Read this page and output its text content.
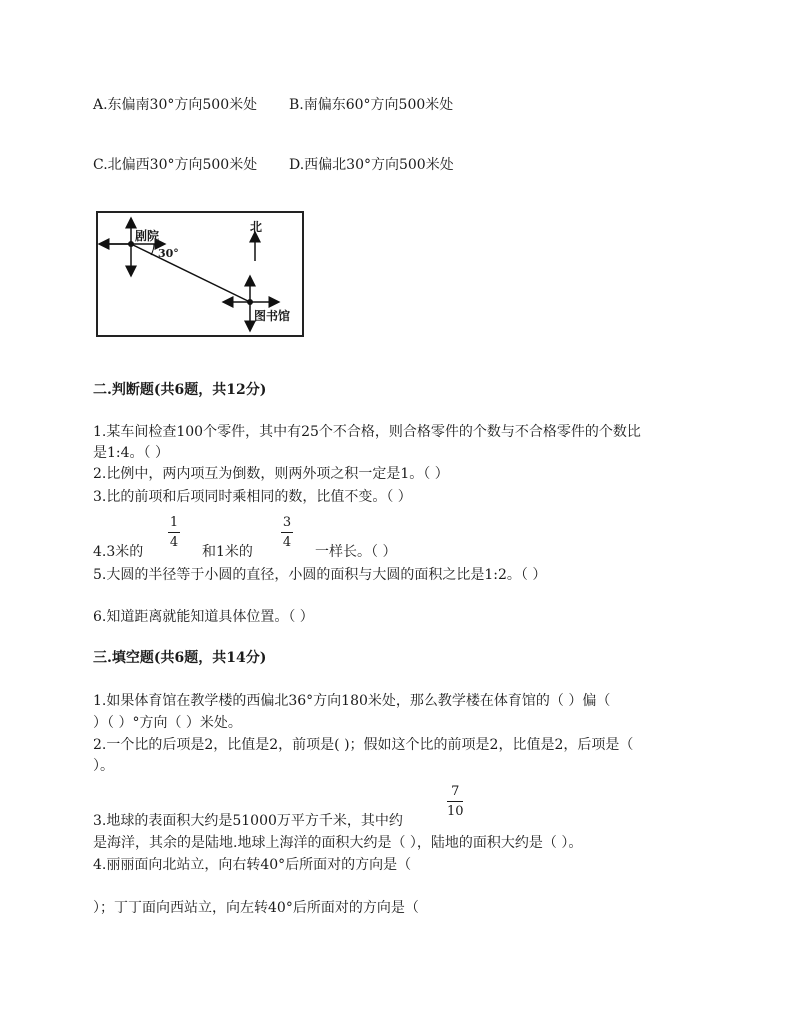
A.东偏南30°方向500米处 B.南偏东60°方向500米处
C.北偏西30°方向500米处 D.西偏北30°方向500米处
剧院
30°
北
图书馆
二.判断题(共6题，共12分)
1.某车间检查100个零件，其中有25个不合格，则合格零件的个数与不合格零件的个数比
是1:4。（ ）
2.比例中，两内项互为倒数，则两外项之积一定是1。（ ）
3.比的前项和后项同时乘相同的数，比值不变。（ ）
4.3米的
1
4
和1米的
3
4
一样长。（ ）
5.大圆的半径等于小圆的直径，小圆的面积与大圆的面积之比是1:2。（ ）
6.知道距离就能知道具体位置。（ ）
三.填空题(共6题，共14分)
1.如果体育馆在教学楼的西偏北36°方向180米处，那么教学楼在体育馆的（ ）偏（
）（ ）°方向（ ）米处。
2.一个比的后项是2，比值是2，前项是( )；假如这个比的前项是2，比值是2，后项是（
）。
7
10
3.地球的表面积大约是51000万平方千米，其中约
是海洋，其余的是陆地.地球上海洋的面积大约是（ ），陆地的面积大约是（ ）。
4.丽丽面向北站立，向右转40°后所面对的方向是（
）；丁丁面向西站立，向左转40°后所面对的方向是（
